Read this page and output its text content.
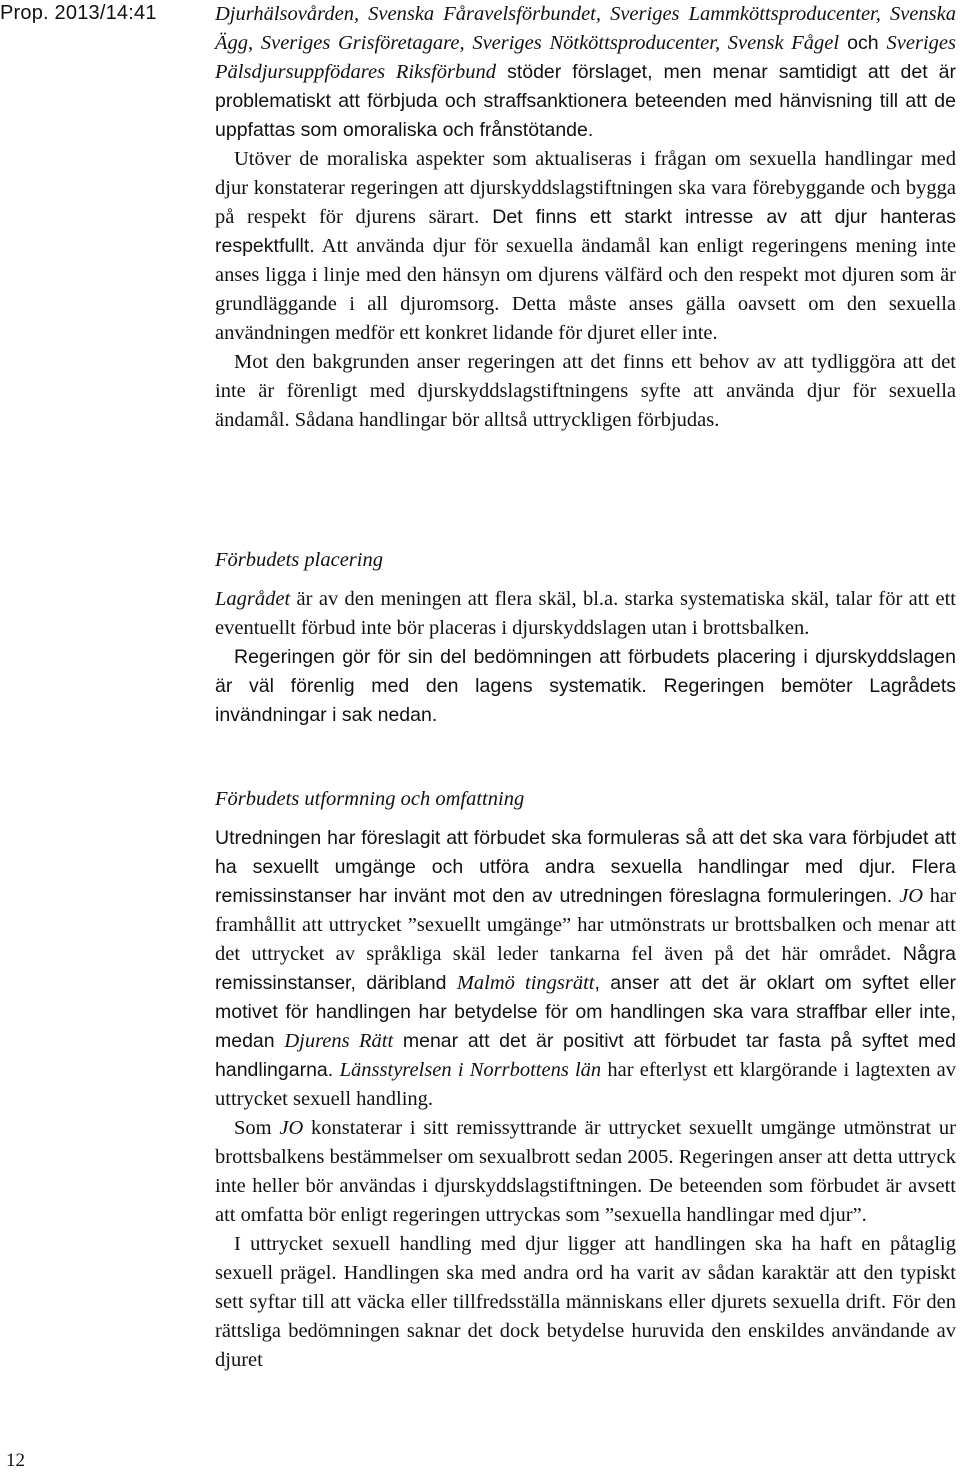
Prop. 2013/14:41
12

Djurhälsovården, Svenska Fåravelsförbundet, Sveriges Lammköttsproducenter, Svenska Ägg, Sveriges Grisföretagare, Sveriges Nötköttsproducenter, Svensk Fågel och Sveriges Pälsdjursuppfödares Riksförbund stöder förslaget, men menar samtidigt att det är problematiskt att förbjuda och straffsanktionera beteenden med hänvisning till att de uppfattas som omoraliska och frånstötande.

Utöver de moraliska aspekter som aktualiseras i frågan om sexuella handlingar med djur konstaterar regeringen att djurskyddslagstiftningen ska vara förebyggande och bygga på respekt för djurens särart. Det finns ett starkt intresse av att djur hanteras respektfullt. Att använda djur för sexuella ändamål kan enligt regeringens mening inte anses ligga i linje med den hänsyn om djurens välfärd och den respekt mot djuren som är grundläggande i all djuromsorg. Detta måste anses gälla oavsett om den sexuella användningen medför ett konkret lidande för djuret eller inte.

Mot den bakgrunden anser regeringen att det finns ett behov av att tydliggöra att det inte är förenligt med djurskyddslagstiftningens syfte att använda djur för sexuella ändamål. Sådana handlingar bör alltså uttryckligen förbjudas.

Förbudets placering

Lagrådet är av den meningen att flera skäl, bl.a. starka systematiska skäl, talar för att ett eventuellt förbud inte bör placeras i djurskyddslagen utan i brottsbalken.

Regeringen gör för sin del bedömningen att förbudets placering i djurskyddslagen är väl förenlig med den lagens systematik. Regeringen bemöter Lagrådets invändningar i sak nedan.

Förbudets utformning och omfattning

Utredningen har föreslagit att förbudet ska formuleras så att det ska vara förbjudet att ha sexuellt umgänge och utföra andra sexuella handlingar med djur. Flera remissinstanser har invänt mot den av utredningen föreslagna formuleringen. JO har framhållit att uttrycket ”sexuellt umgänge” har utmönstrats ur brottsbalken och menar att det uttrycket av språkliga skäl leder tankarna fel även på det här området. Några remissinstanser, däribland Malmö tingsrätt, anser att det är oklart om syftet eller motivet för handlingen har betydelse för om handlingen ska vara straffbar eller inte, medan Djurens Rätt menar att det är positivt att förbudet tar fasta på syftet med handlingarna. Länsstyrelsen i Norrbottens län har efterlyst ett klargörande i lagtexten av uttrycket sexuell handling.

Som JO konstaterar i sitt remissyttrande är uttrycket sexuellt umgänge utmönstrat ur brottsbalkens bestämmelser om sexualbrott sedan 2005. Regeringen anser att detta uttryck inte heller bör användas i djurskyddslagstiftningen. De beteenden som förbudet är avsett att omfatta bör enligt regeringen uttryckas som ”sexuella handlingar med djur”.

I uttrycket sexuell handling med djur ligger att handlingen ska ha haft en påtaglig sexuell prägel. Handlingen ska med andra ord ha varit av sådan karaktär att den typiskt sett syftar till att väcka eller tillfredsställa människans eller djurets sexuella drift. För den rättsliga bedömningen saknar det dock betydelse huruvida den enskildes användande av djuret
